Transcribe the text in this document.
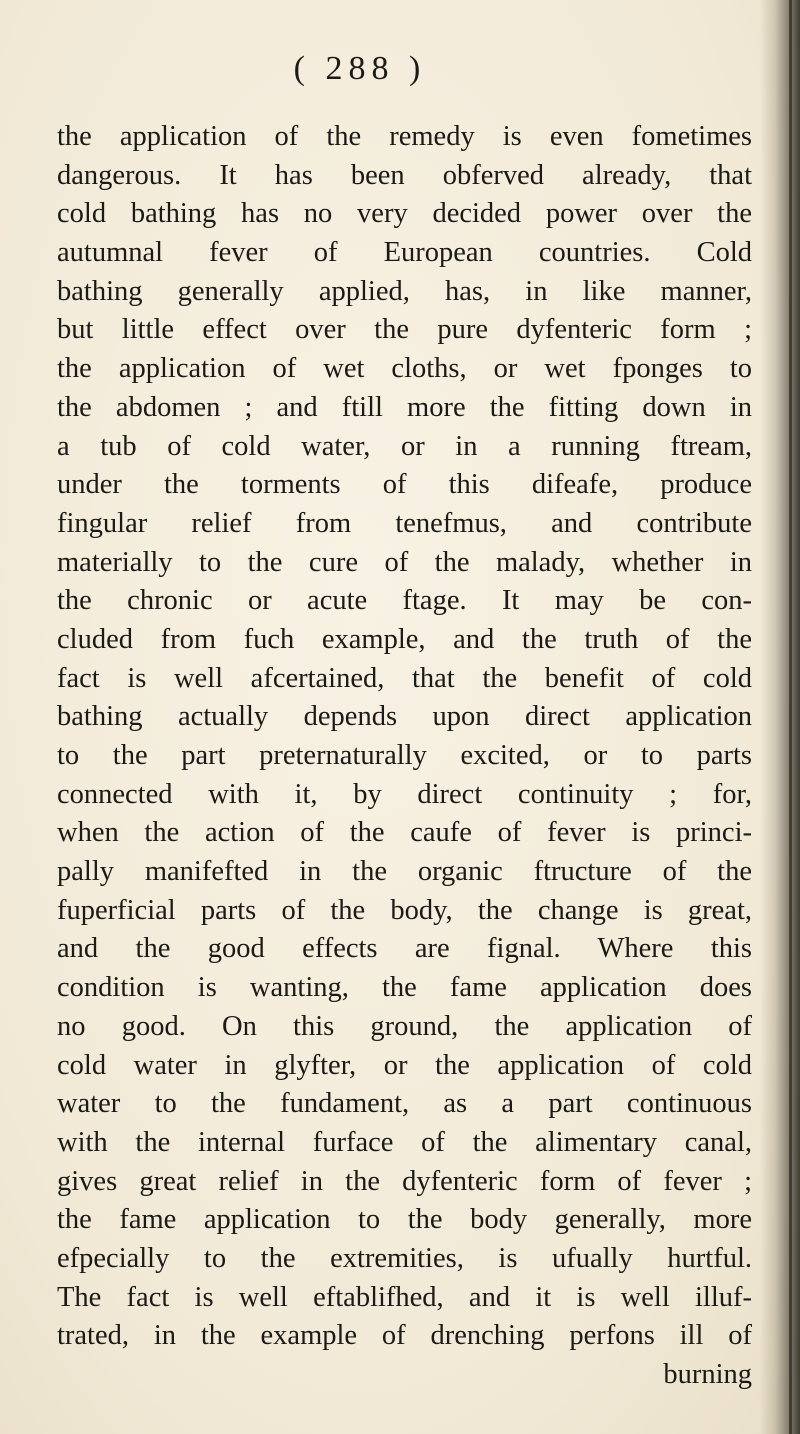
( 288 )
the application of the remedy is even fometimes
dangerous. It has been obferved already, that
cold bathing has no very decided power over the
autumnal fever of European countries. Cold
bathing generally applied, has, in like manner,
but little effect over the pure dyfenteric form ;
the application of wet cloths, or wet fponges to
the abdomen ; and ftill more the fitting down in
a tub of cold water, or in a running ftream,
under the torments of this difeafe, produce
fingular relief from tenefmus, and contribute
materially to the cure of the malady, whether in
the chronic or acute ftage. It may be con-
cluded from fuch example, and the truth of the
fact is well afcertained, that the benefit of cold
bathing actually depends upon direct application
to the part preternaturally excited, or to parts
connected with it, by direct continuity ; for,
when the action of the caufe of fever is princi-
pally manifefted in the organic ftructure of the
fuperficial parts of the body, the change is great,
and the good effects are fignal. Where this
condition is wanting, the fame application does
no good. On this ground, the application of
cold water in glyfter, or the application of cold
water to the fundament, as a part continuous
with the internal furface of the alimentary canal,
gives great relief in the dyfenteric form of fever ;
the fame application to the body generally, more
efpecially to the extremities, is ufually hurtful.
The fact is well eftablifhed, and it is well illuf-
trated, in the example of drenching perfons ill of
burning
